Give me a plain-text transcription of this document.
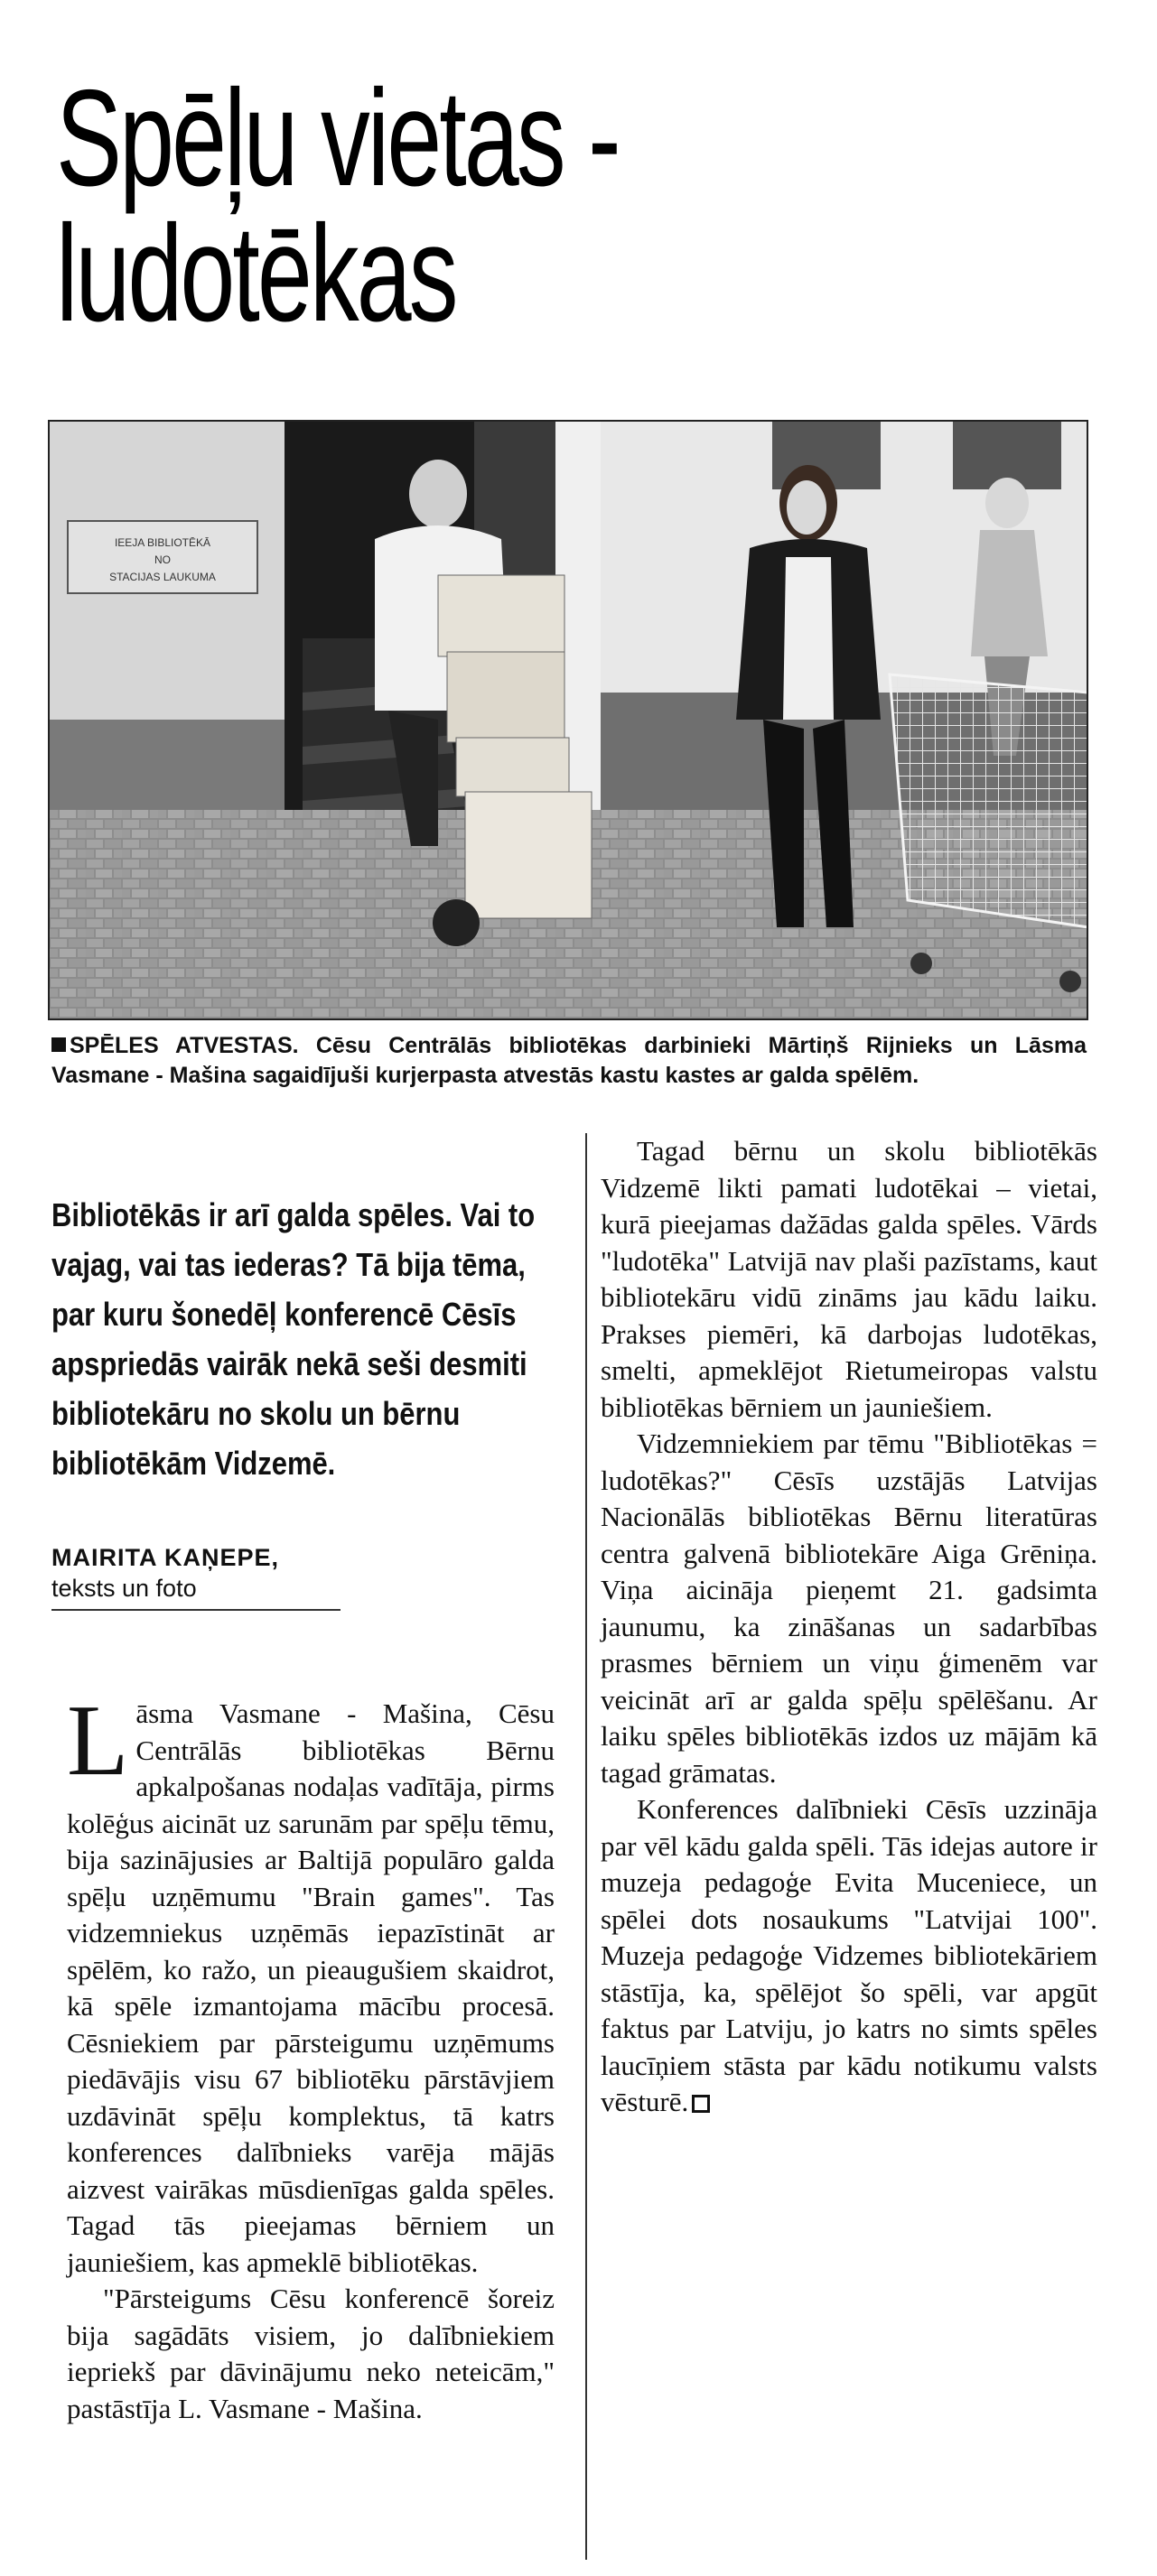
Spēļu vietas -
ludotēkas
IEEJA BIBLIOTĒKĀ
NO
STACIJAS LAUKUMA
SPĒLES ATVESTAS. Cēsu Centrālās bibliotēkas darbinieki Mārtiņš Rijnieks un Lāsma Vasmane - Mašina sagaidījuši kurjerpasta atvestās kastu kastes ar galda spēlēm.
Bibliotēkās ir arī galda spēles. Vai to vajag, vai tas iederas? Tā bija tēma, par kuru šonedēļ konferencē Cēsīs apspriedās vairāk nekā seši desmiti bibliotekāru no skolu un bērnu bibliotēkām Vidzemē.
MAIRITA KAŅEPE,
teksts un foto

Lāsma Vasmane - Mašina, Cēsu Centrālās bibliotēkas Bērnu apkalpošanas nodaļas vadītāja, pirms kolēģus aicināt uz sarunām par spēļu tēmu, bija sazinājusies ar Baltijā populāro galda spēļu uzņēmumu "Brain games". Tas vidzemniekus uzņēmās iepazīstināt ar spēlēm, ko ražo, un pieaugušiem skaidrot, kā spēle izmantojama mācību procesā. Cēsniekiem par pārsteigumu uzņēmums piedāvājis visu 67 bibliotēku pārstāvjiem uzdāvināt spēļu komplektus, tā katrs konferences dalībnieks varēja mājās aizvest vairākas mūsdienīgas galda spēles. Tagad tās pieejamas bērniem un jauniešiem, kas apmeklē bibliotēkas.

"Pārsteigums Cēsu konferencē šoreiz bija sagādāts visiem, jo dalībniekiem iepriekš par dāvinājumu neko neteicām," pastāstīja L. Vasmane - Mašina.

Tagad bērnu un skolu bibliotēkās Vidzemē likti pamati ludotēkai – vietai, kurā pieejamas dažādas galda spēles. Vārds "ludotēka" Latvijā nav plaši pazīstams, kaut bibliotekāru vidū zināms jau kādu laiku. Prakses piemēri, kā darbojas ludotēkas, smelti, apmeklējot Rietumeiropas valstu bibliotēkas bērniem un jauniešiem.

Vidzemniekiem par tēmu "Bibliotēkas = ludotēkas?" Cēsīs uzstājās Latvijas Nacionālās bibliotēkas Bērnu literatūras centra galvenā bibliotekāre Aiga Grēniņa. Viņa aicināja pieņemt 21. gadsimta jaunumu, ka zināšanas un sadarbības prasmes bērniem un viņu ģimenēm var veicināt arī ar galda spēļu spēlēšanu. Ar laiku spēles bibliotēkās izdos uz mājām kā tagad grāmatas.

Konferences dalībnieki Cēsīs uzzināja par vēl kādu galda spēli. Tās idejas autore ir muzeja pedagoģe Evita Muceniece, un spēlei dots nosaukums "Latvijai 100". Muzeja pedagoģe Vidzemes bibliotekāriem stāstīja, ka, spēlējot šo spēli, var apgūt faktus par Latviju, jo katrs no simts spēles laucīņiem stāsta par kādu notikumu valsts vēsturē.
